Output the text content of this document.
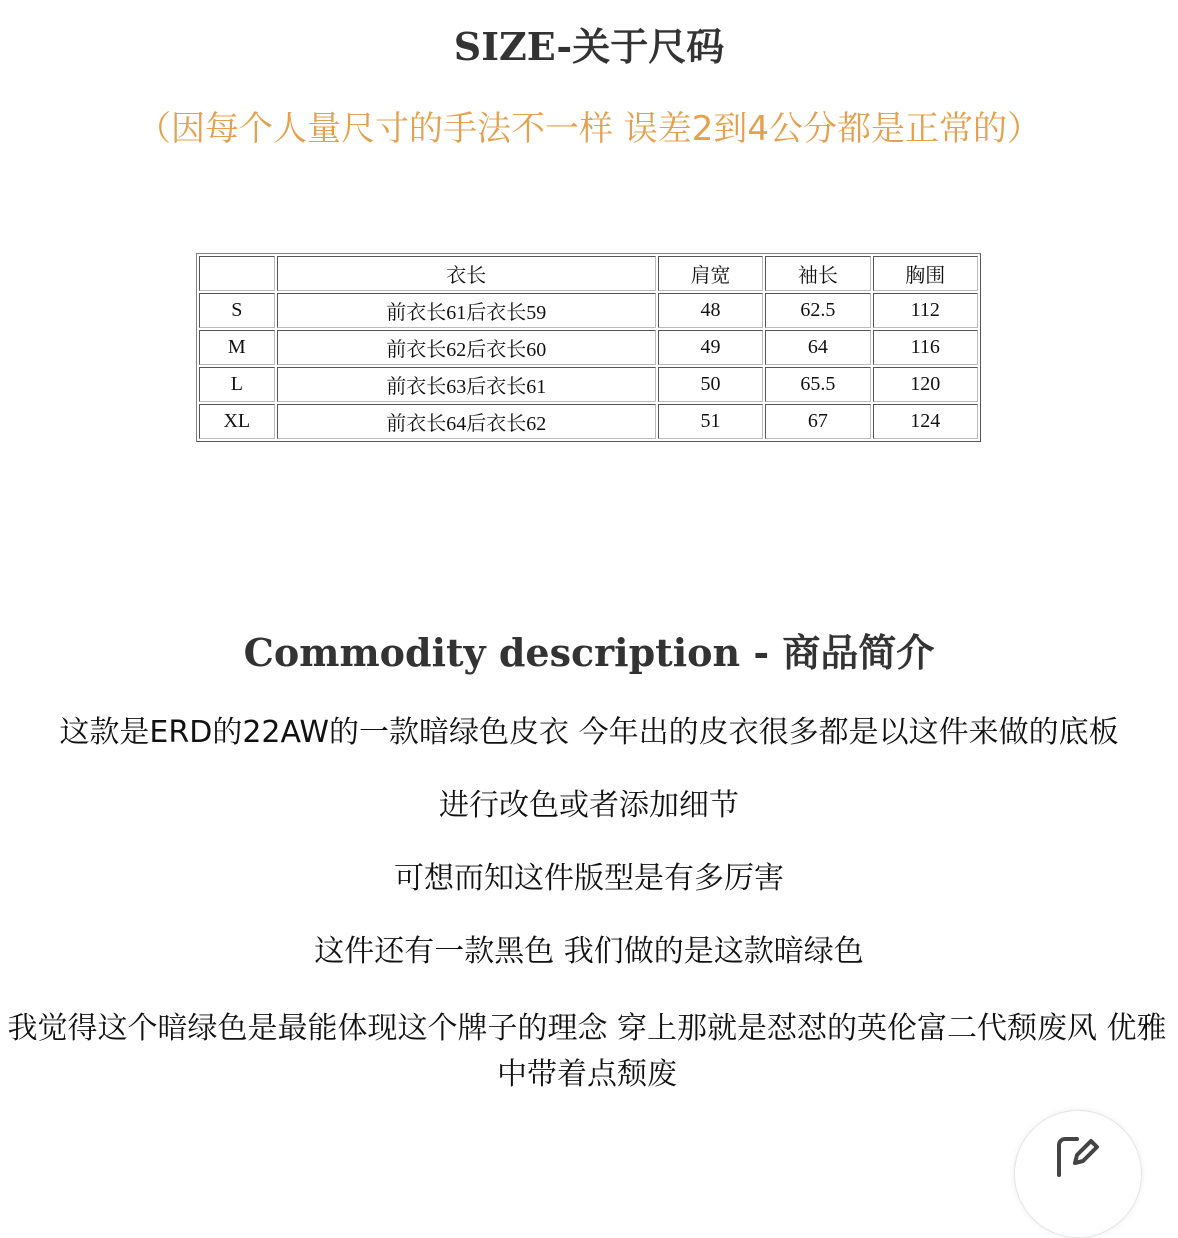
SIZE-关于尺码
（因每个人量尺寸的手法不一样 误差2到4公分都是正常的）
	衣长	肩宽	袖长	胸围
S	前衣长61后衣长59	48	62.5	112
M	前衣长62后衣长60	49	64	116
L	前衣长63后衣长61	50	65.5	120
XL	前衣长64后衣长62	51	67	124
Commodity description - 商品简介
这款是ERD的22AW的一款暗绿色皮衣 今年出的皮衣很多都是以这件来做的底板
进行改色或者添加细节
可想而知这件版型是有多厉害
这件还有一款黑色 我们做的是这款暗绿色
我觉得这个暗绿色是最能体现这个牌子的理念 穿上那就是怼怼的英伦富二代颓废风 优雅中带着点颓废
